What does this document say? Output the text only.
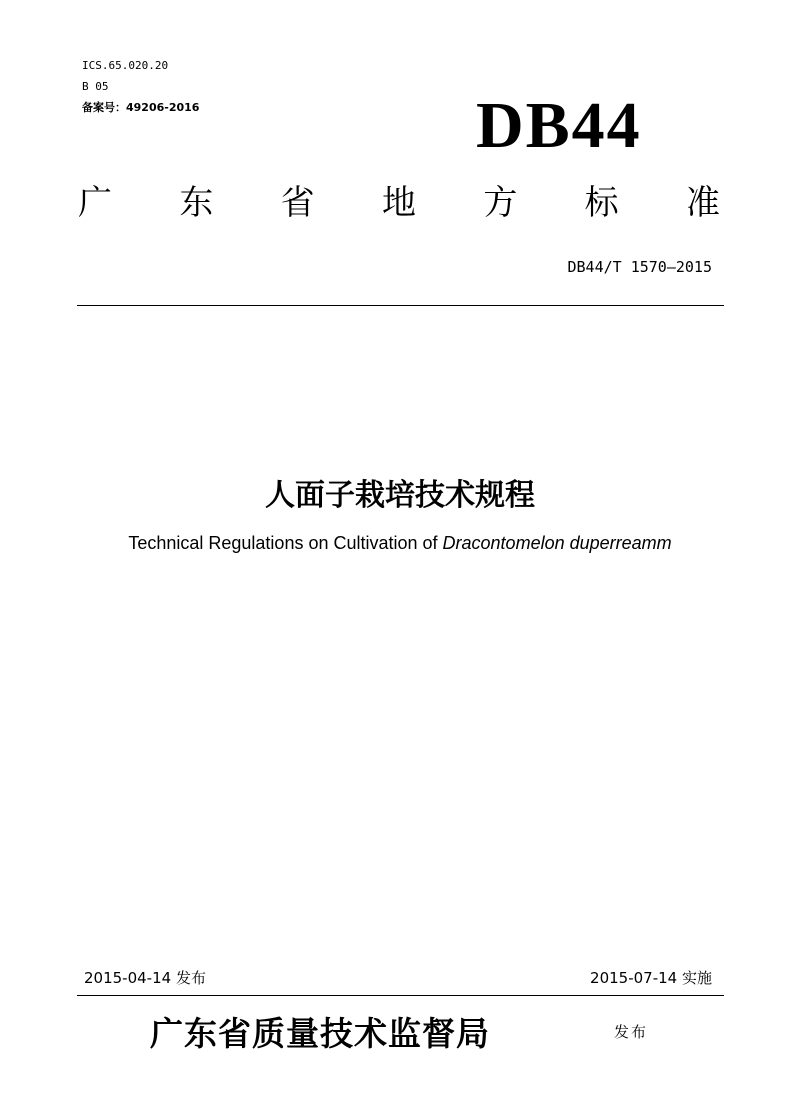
ICS.65.020.20
B 05
备案号：49206-2016	DB44
广 东 省 地 方 标 准
DB44/T 1570—2015
人面子栽培技术规程
Technical Regulations on Cultivation of Dracontomelon duperreamm
2015-04-14 发布	2015-07-14 实施
广东省质量技术监督局	发布
